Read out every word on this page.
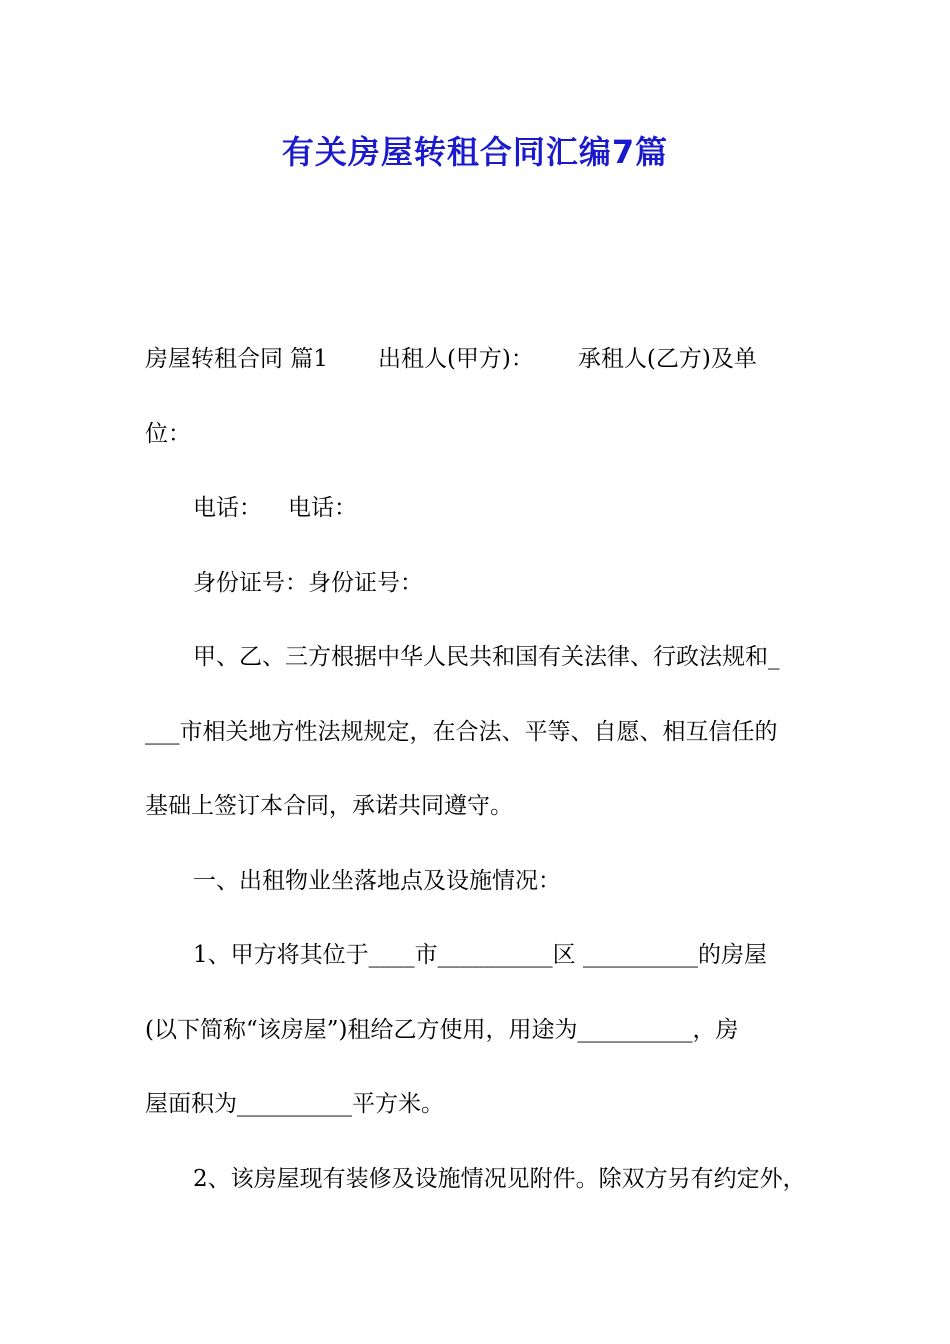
有关房屋转租合同汇编7篇
房屋转租合同 篇1 出租人(甲方)： 承租人(乙方)及单
位：
电话： 电话：
身份证号：身份证号：
甲、乙、三方根据中华人民共和国有关法律、行政法规和_
___市相关地方性法规规定，在合法、平等、自愿、相互信任的
基础上签订本合同，承诺共同遵守。
一、出租物业坐落地点及设施情况：
1、甲方将其位于____市__________区 __________的房屋
(以下简称“该房屋”)租给乙方使用，用途为__________，房
屋面积为__________平方米。
2、该房屋现有装修及设施情况见附件。除双方另有约定外，
